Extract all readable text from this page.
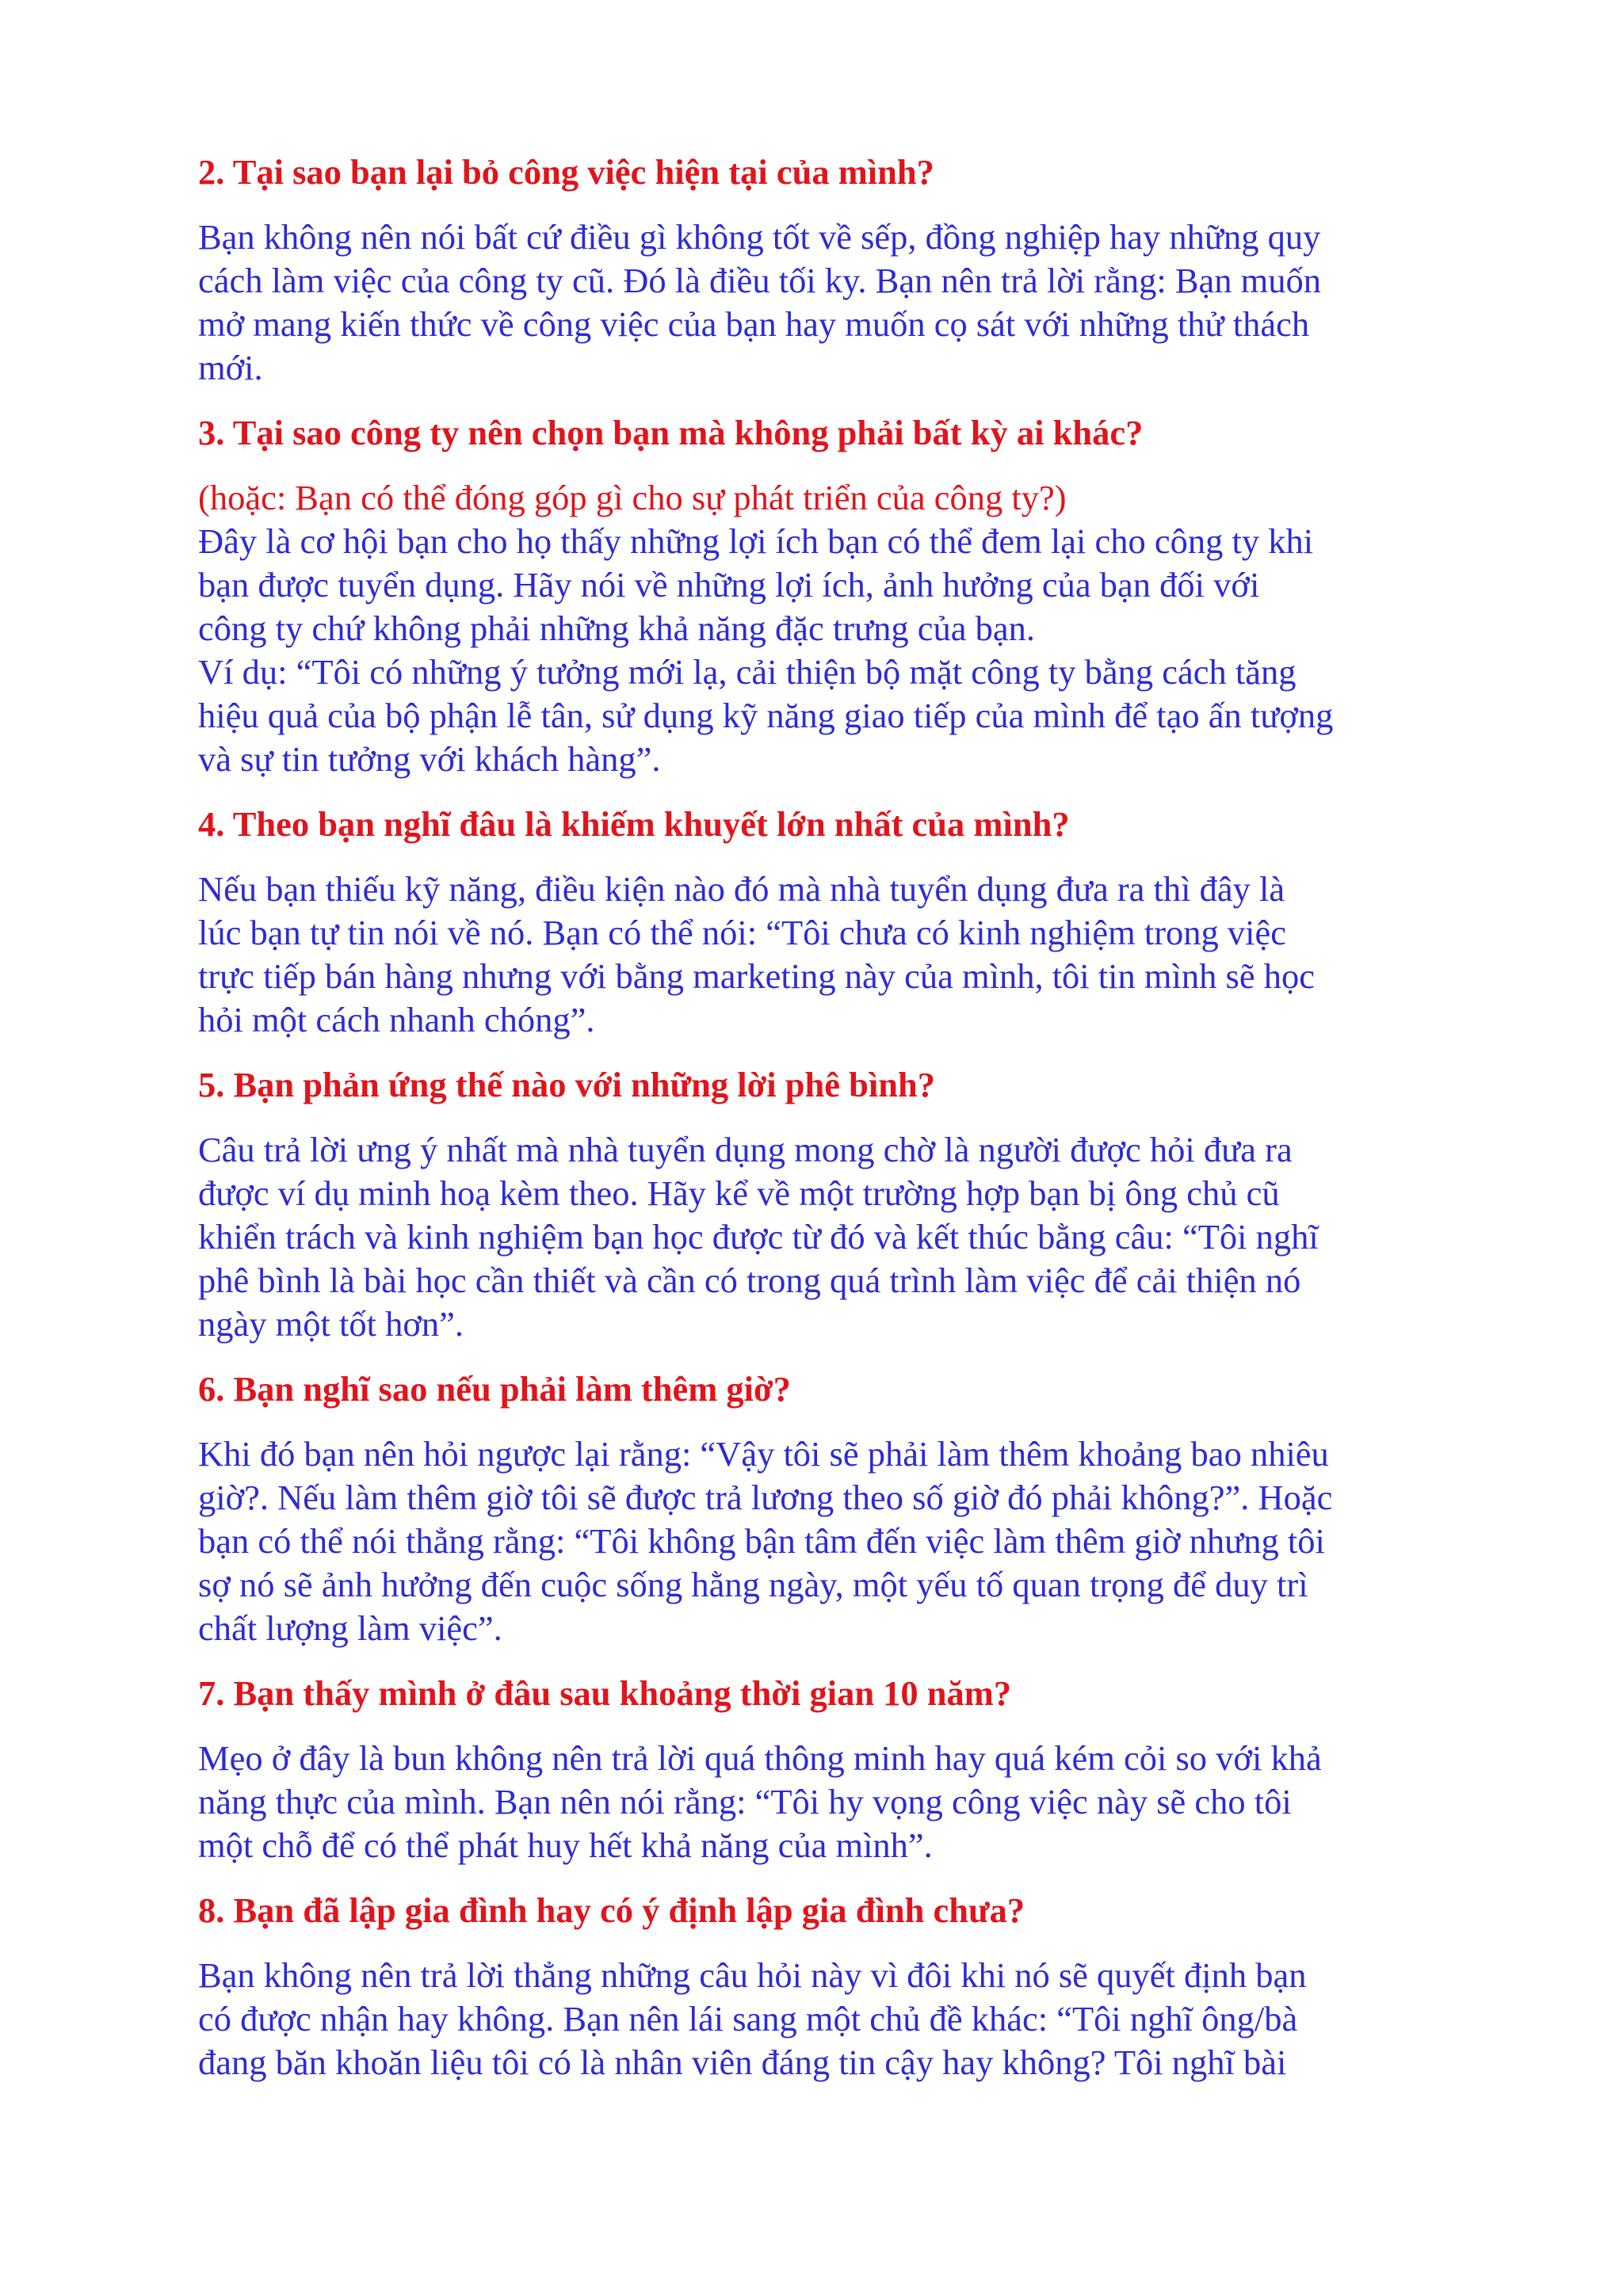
2. Tại sao bạn lại bỏ công việc hiện tại của mình?

Bạn không nên nói bất cứ điều gì không tốt về sếp, đồng nghiệp hay những quy
cách làm việc của công ty cũ. Đó là điều tối ky. Bạn nên trả lời rằng: Bạn muốn
mở mang kiến thức về công việc của bạn hay muốn cọ sát với những thử thách
mới.

3. Tại sao công ty nên chọn bạn mà không phải bất kỳ ai khác?

(hoặc: Bạn có thể đóng góp gì cho sự phát triển của công ty?)

Đây là cơ hội bạn cho họ thấy những lợi ích bạn có thể đem lại cho công ty khi
bạn được tuyển dụng. Hãy nói về những lợi ích, ảnh hưởng của bạn đối với
công ty chứ không phải những khả năng đặc trưng của bạn.
Ví dụ: “Tôi có những ý tưởng mới lạ, cải thiện bộ mặt công ty bằng cách tăng
hiệu quả của bộ phận lễ tân, sử dụng kỹ năng giao tiếp của mình để tạo ấn tượng
và sự tin tưởng với khách hàng”.

4. Theo bạn nghĩ đâu là khiếm khuyết lớn nhất của mình?

Nếu bạn thiếu kỹ năng, điều kiện nào đó mà nhà tuyển dụng đưa ra thì đây là
lúc bạn tự tin nói về nó. Bạn có thể nói: “Tôi chưa có kinh nghiệm trong việc
trực tiếp bán hàng nhưng với bằng marketing này của mình, tôi tin mình sẽ học
hỏi một cách nhanh chóng”.

5. Bạn phản ứng thế nào với những lời phê bình?

Câu trả lời ưng ý nhất mà nhà tuyển dụng mong chờ là người được hỏi đưa ra
được ví dụ minh hoạ kèm theo. Hãy kể về một trường hợp bạn bị ông chủ cũ
khiển trách và kinh nghiệm bạn học được từ đó và kết thúc bằng câu: “Tôi nghĩ
phê bình là bài học cần thiết và cần có trong quá trình làm việc để cải thiện nó
ngày một tốt hơn”.

6. Bạn nghĩ sao nếu phải làm thêm giờ?

Khi đó bạn nên hỏi ngược lại rằng: “Vậy tôi sẽ phải làm thêm khoảng bao nhiêu
giờ?. Nếu làm thêm giờ tôi sẽ được trả lương theo số giờ đó phải không?”. Hoặc
bạn có thể nói thẳng rằng: “Tôi không bận tâm đến việc làm thêm giờ nhưng tôi
sợ nó sẽ ảnh hưởng đến cuộc sống hằng ngày, một yếu tố quan trọng để duy trì
chất lượng làm việc”.

7. Bạn thấy mình ở đâu sau khoảng thời gian 10 năm?

Mẹo ở đây là bun không nên trả lời quá thông minh hay quá kém cỏi so với khả
năng thực của mình. Bạn nên nói rằng: “Tôi hy vọng công việc này sẽ cho tôi
một chỗ để có thể phát huy hết khả năng của mình”.

8. Bạn đã lập gia đình hay có ý định lập gia đình chưa?

Bạn không nên trả lời thẳng những câu hỏi này vì đôi khi nó sẽ quyết định bạn
có được nhận hay không. Bạn nên lái sang một chủ đề khác: “Tôi nghĩ ông/bà
đang băn khoăn liệu tôi có là nhân viên đáng tin cậy hay không? Tôi nghĩ bài
